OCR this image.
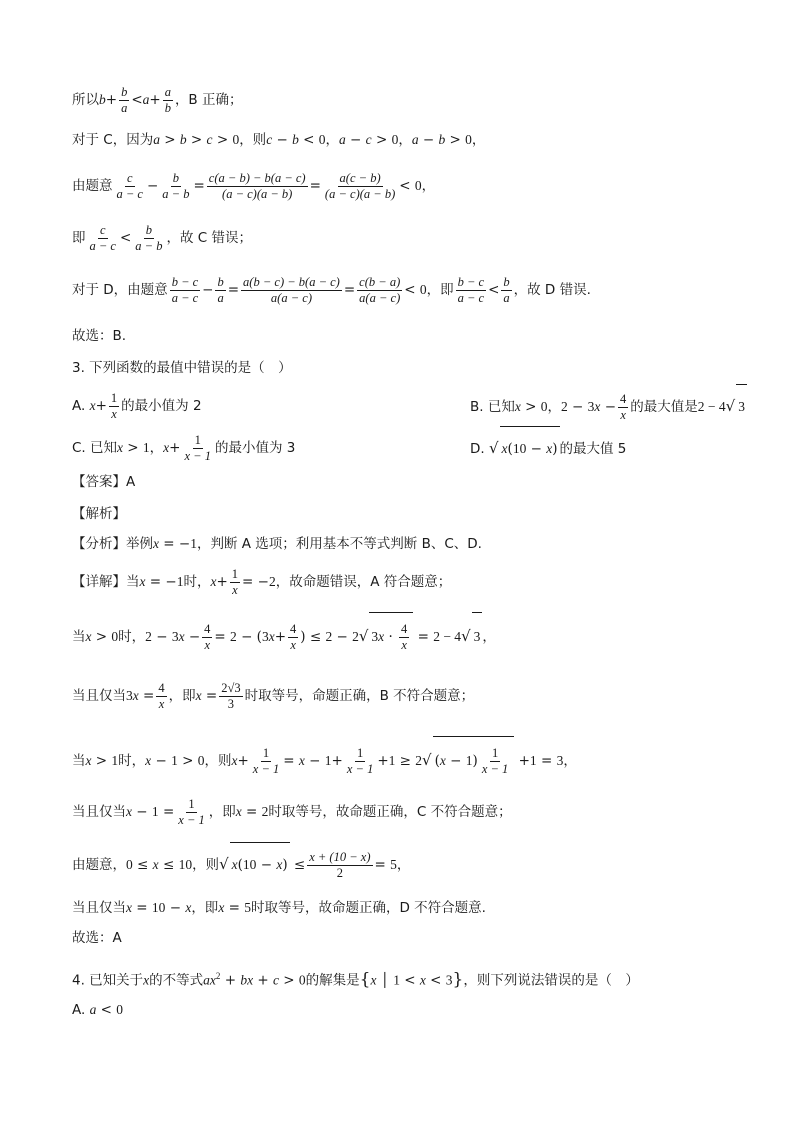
所以$b+ \frac{b}{a} <a+ \frac{a}{b}$ ，B 正确；
对于 C，因为a > b > c > 0，则c − b < 0，a − c > 0，a − b > 0，
由题意 $\frac{c}{a - c} - \frac{b}{a - b} = \frac{c(a - b) - b(a - c)}{(a - c)(a - b)} = \frac{a(c - b)}{(a - c)(a - b)} < 0$，
即 $\frac{c}{a - c} < \frac{b}{a - b}$ ，故 C 错误；
对于 D，由题意 $\frac{b - c}{a - c} - \frac{b}{a} = \frac{a(b - c) - b(a - c)}{a(a - c)} = \frac{c(b - a)}{a(a - c)} < 0$，即 $\frac{b - c}{a - c} < \frac{b}{a}$ ，故 D 错误.
故选：B.
3. 下列函数的最值中错误的是（　）
A. $x+ \frac{1}{x}$ 的最小值为 2	B. 已知x > 0，$2 - 3x - \frac{4}{x}$ 的最大值是2 − 4√ 3
C. 已知x > 1，$x+ \frac{1}{x - 1}$ 的最小值为 3	D. √ x(10 − x) 的最大值 5
【答案】A
【解析】
【分析】举例x = −1，判断 A 选项；利用基本不等式判断 B、C、D.
【详解】当x = −1时，$x+ \frac{1}{x} = -2$，故命题错误，A 符合题意；
当x > 0时，$2 - 3x - \frac{4}{x} = 2 - (3x+ \frac{4}{x}$ ) ≤ 2 − 2√ $3x \cdot \frac{4}{x} = 2 - 4√$ 3 ，
当且仅当$3x = \frac{4}{x}$ ，即$x = \frac{2√3}{3}$ 时取等号，命题正确，B 不符合题意；
当x > 1时，x − 1 > 0，则$x+ \frac{1}{x - 1} = x - 1+ \frac{1}{x - 1} +1 \ge 2√$ $(x - 1) \frac{1}{x - 1} +1 = 3$，
当且仅当$x - 1 = \frac{1}{x - 1}$ ，即x = 2时取等号，故命题正确，C 不符合题意；
由题意，0 ≤ x ≤ 10，则√ $x(10 - x) \le \frac{x + (10 - x)}{2} = 5$，
当且仅当x = 10 − x，即x = 5时取等号，故命题正确，D 不符合题意.
故选：A
4. 已知关于x的不等式$ax^2$ + bx + c > 0的解集是{x │ 1 < x < 3}，则下列说法错误的是（　）
A. a < 0
